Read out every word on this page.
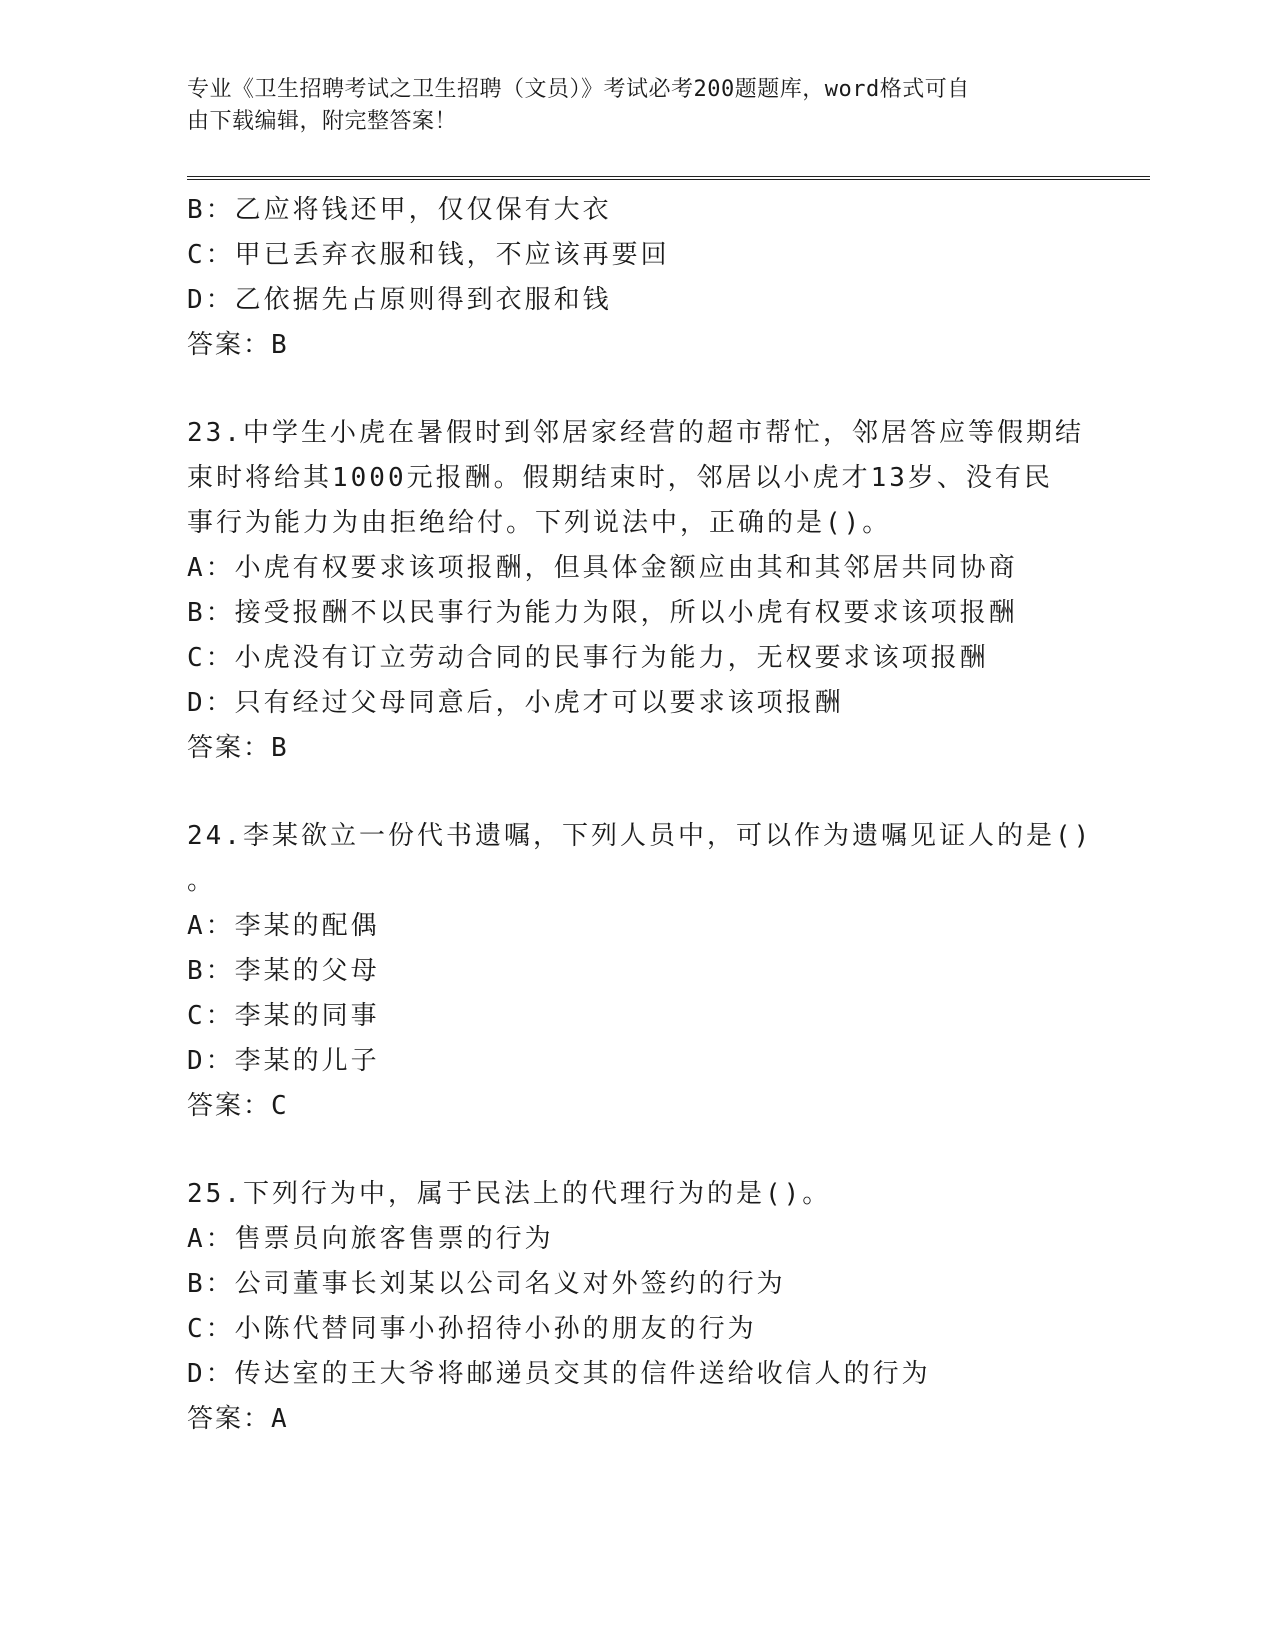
专业《卫生招聘考试之卫生招聘（文员）》考试必考200题题库，word格式可自
由下载编辑，附完整答案！
B：乙应将钱还甲，仅仅保有大衣
C：甲已丢弃衣服和钱，不应该再要回
D：乙依据先占原则得到衣服和钱
答案：B
23.中学生小虎在暑假时到邻居家经营的超市帮忙，邻居答应等假期结
束时将给其1000元报酬。假期结束时，邻居以小虎才13岁、没有民
事行为能力为由拒绝给付。下列说法中，正确的是()。
A：小虎有权要求该项报酬，但具体金额应由其和其邻居共同协商
B：接受报酬不以民事行为能力为限，所以小虎有权要求该项报酬
C：小虎没有订立劳动合同的民事行为能力，无权要求该项报酬
D：只有经过父母同意后，小虎才可以要求该项报酬
答案：B
24.李某欲立一份代书遗嘱，下列人员中，可以作为遗嘱见证人的是()
。
A：李某的配偶
B：李某的父母
C：李某的同事
D：李某的儿子
答案：C
25.下列行为中，属于民法上的代理行为的是()。
A：售票员向旅客售票的行为
B：公司董事长刘某以公司名义对外签约的行为
C：小陈代替同事小孙招待小孙的朋友的行为
D：传达室的王大爷将邮递员交其的信件送给收信人的行为
答案：A
